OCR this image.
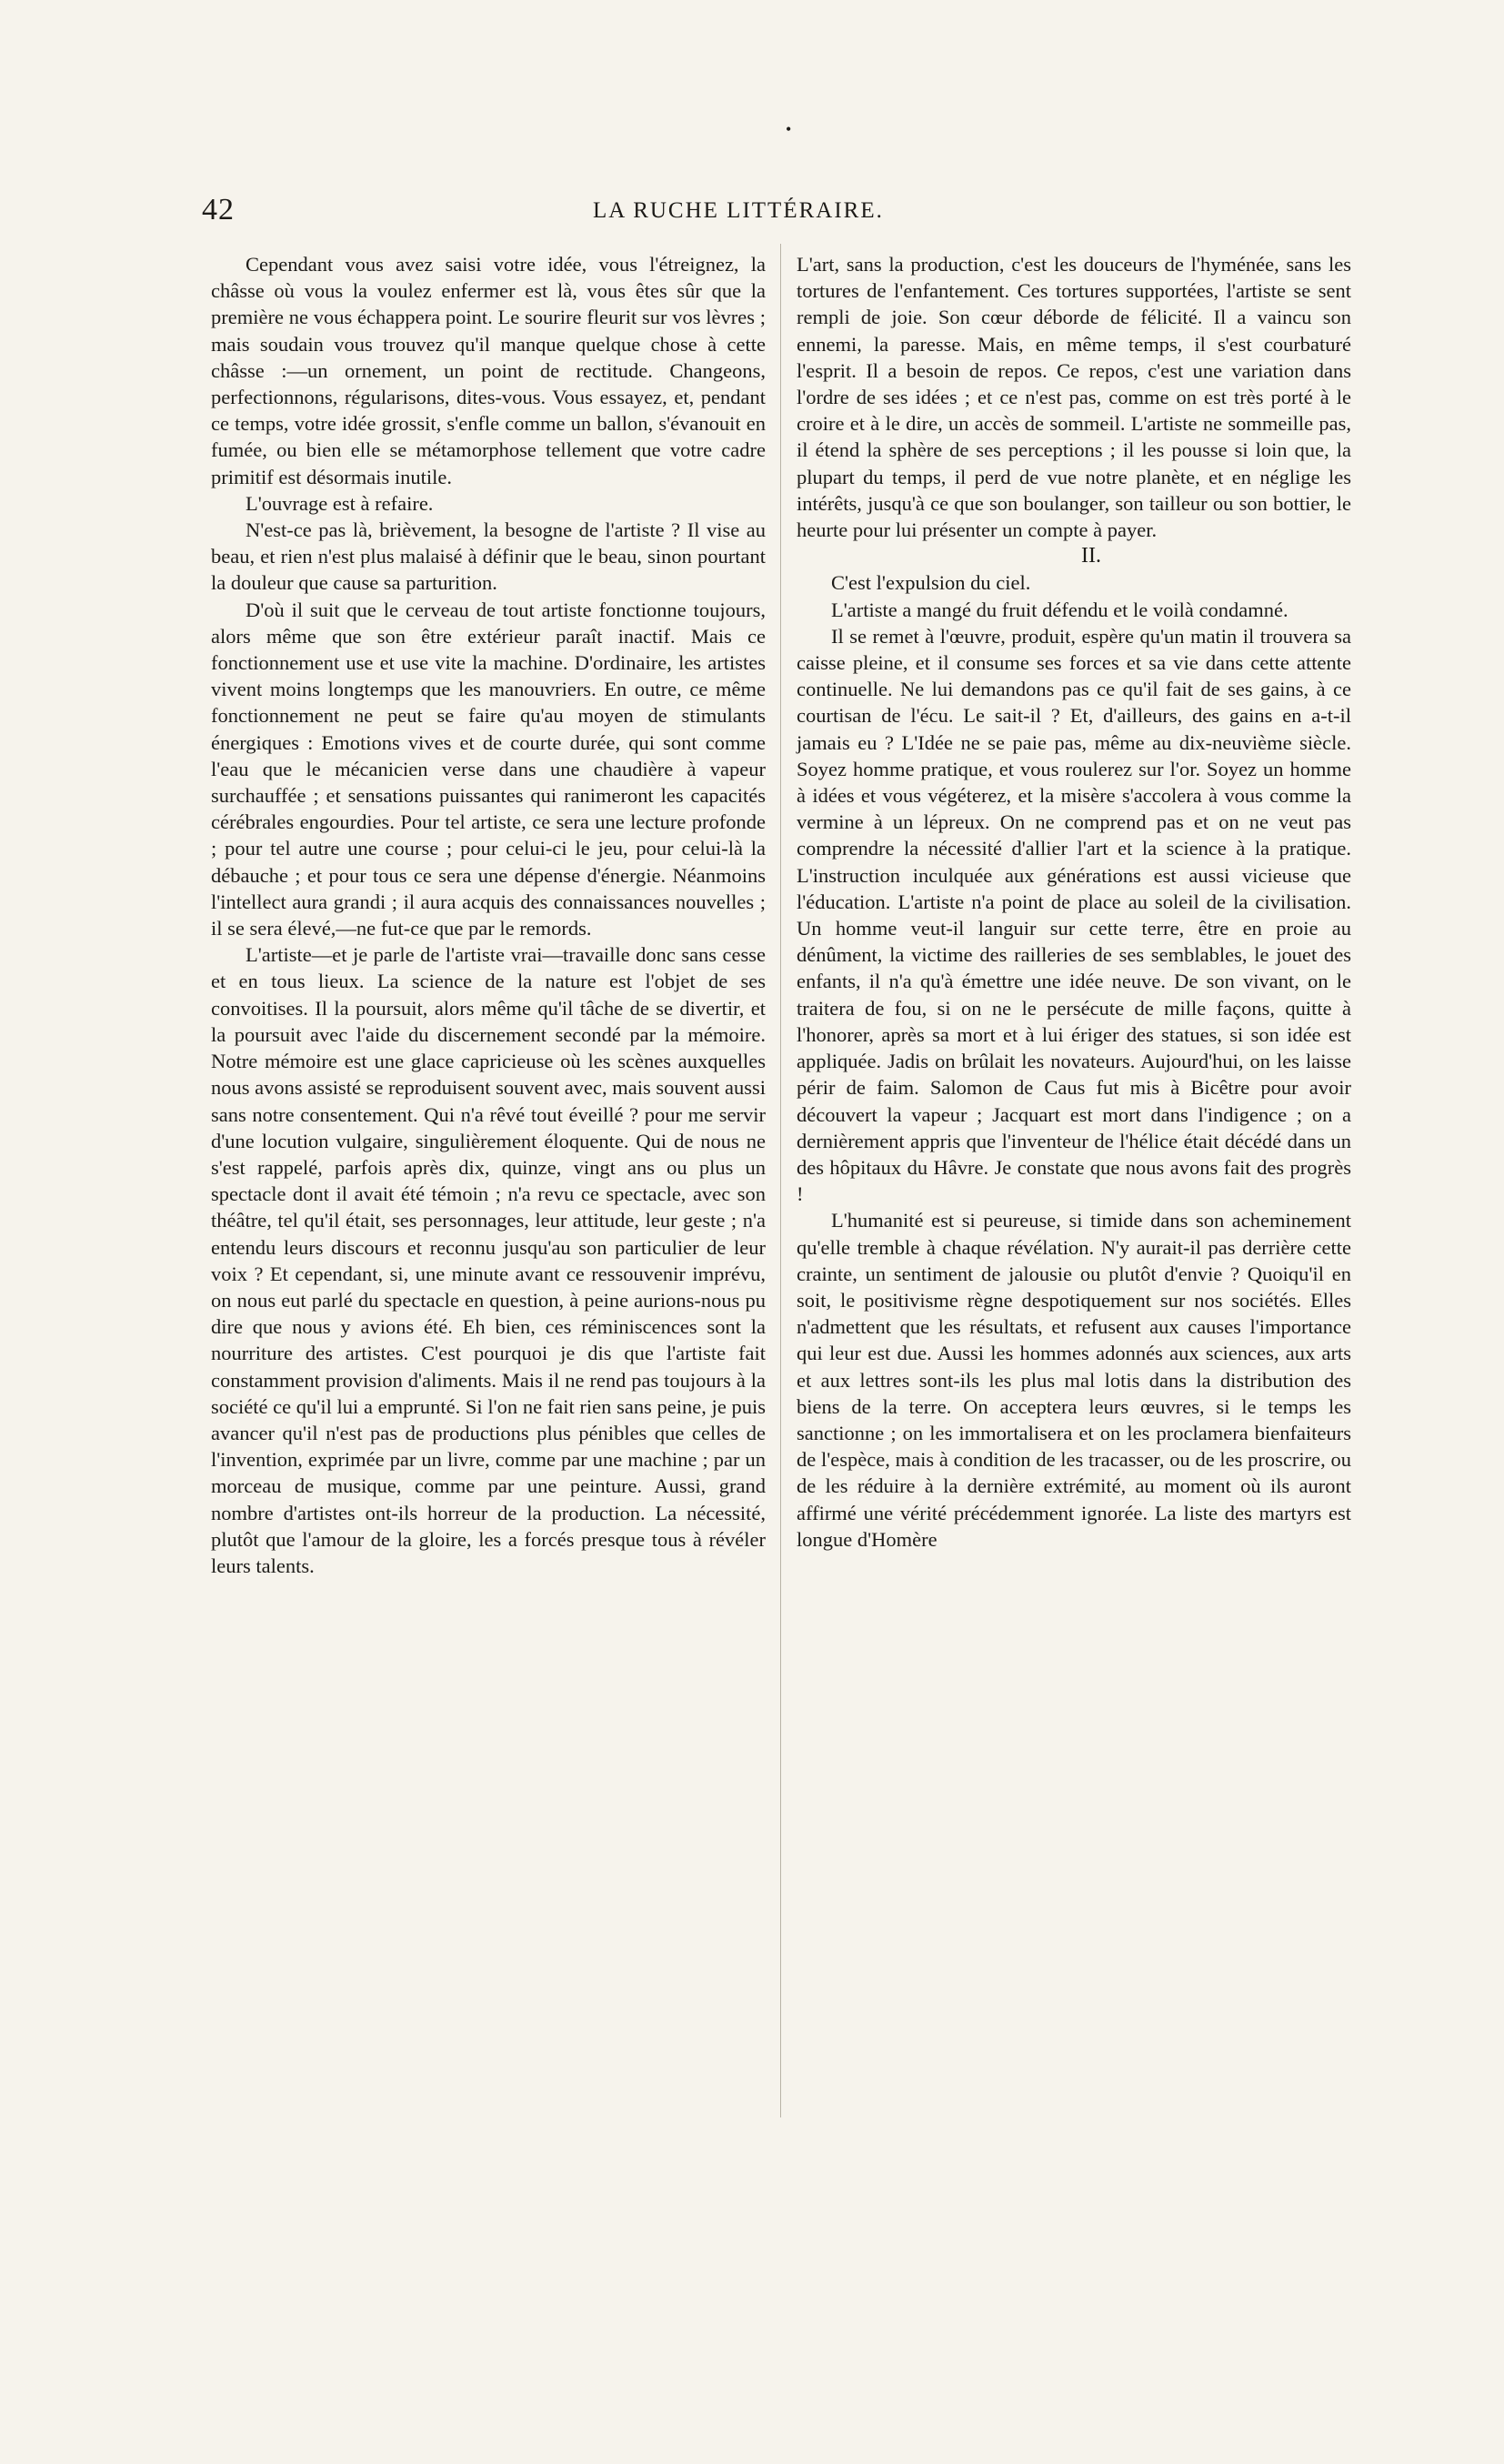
•
42	LA RUCHE LITTÉRAIRE.

Cependant vous avez saisi votre idée, vous l'étreignez, la châsse où vous la voulez enfermer est là, vous êtes sûr que la première ne vous échappera point. Le sourire fleurit sur vos lèvres ; mais soudain vous trouvez qu'il manque quelque chose à cette châsse :—un ornement, un point de rectitude. Changeons, perfectionnons, régularisons, dites-vous. Vous essayez, et, pendant ce temps, votre idée grossit, s'enfle comme un ballon, s'évanouit en fumée, ou bien elle se métamorphose tellement que votre cadre primitif est désormais inutile.

L'ouvrage est à refaire.

N'est-ce pas là, brièvement, la besogne de l'artiste ? Il vise au beau, et rien n'est plus malaisé à définir que le beau, sinon pourtant la douleur que cause sa parturition.

D'où il suit que le cerveau de tout artiste fonctionne toujours, alors même que son être extérieur paraît inactif. Mais ce fonctionnement use et use vite la machine. D'ordinaire, les artistes vivent moins longtemps que les manouvriers. En outre, ce même fonctionnement ne peut se faire qu'au moyen de stimulants énergiques : Emotions vives et de courte durée, qui sont comme l'eau que le mécanicien verse dans une chaudière à vapeur surchauffée ; et sensations puissantes qui ranimeront les capacités cérébrales engourdies. Pour tel artiste, ce sera une lecture profonde ; pour tel autre une course ; pour celui-ci le jeu, pour celui-là la débauche ; et pour tous ce sera une dépense d'énergie. Néanmoins l'intellect aura grandi ; il aura acquis des connaissances nouvelles ; il se sera élevé,—ne fut-ce que par le remords.

L'artiste—et je parle de l'artiste vrai—travaille donc sans cesse et en tous lieux. La science de la nature est l'objet de ses convoitises. Il la poursuit, alors même qu'il tâche de se divertir, et la poursuit avec l'aide du discernement secondé par la mémoire. Notre mémoire est une glace capricieuse où les scènes auxquelles nous avons assisté se reproduisent souvent avec, mais souvent aussi sans notre consentement. Qui n'a rêvé tout éveillé ? pour me servir d'une locution vulgaire, singulièrement éloquente. Qui de nous ne s'est rappelé, parfois après dix, quinze, vingt ans ou plus un spectacle dont il avait été témoin ; n'a revu ce spectacle, avec son théâtre, tel qu'il était, ses personnages, leur attitude, leur geste ; n'a entendu leurs discours et reconnu jusqu'au son particulier de leur voix ? Et cependant, si, une minute avant ce ressouvenir imprévu, on nous eut parlé du spectacle en question, à peine aurions-nous pu dire que nous y avions été. Eh bien, ces réminiscences sont la nourriture des artistes. C'est pourquoi je dis que l'artiste fait constamment provision d'aliments. Mais il ne rend pas toujours à la société ce qu'il lui a emprunté. Si l'on ne fait rien sans peine, je puis avancer qu'il n'est pas de productions plus pénibles que celles de l'invention, exprimée par un livre, comme par une machine ; par un morceau de musique, comme par une peinture. Aussi, grand nombre d'artistes ont-ils horreur de la production. La nécessité, plutôt que l'amour de la gloire, les a forcés presque tous à révéler leurs talents.

L'art, sans la production, c'est les douceurs de l'hyménée, sans les tortures de l'enfantement. Ces tortures supportées, l'artiste se sent rempli de joie. Son cœur déborde de félicité. Il a vaincu son ennemi, la paresse. Mais, en même temps, il s'est courbaturé l'esprit. Il a besoin de repos. Ce repos, c'est une variation dans l'ordre de ses idées ; et ce n'est pas, comme on est très porté à le croire et à le dire, un accès de sommeil. L'artiste ne sommeille pas, il étend la sphère de ses perceptions ; il les pousse si loin que, la plupart du temps, il perd de vue notre planète, et en néglige les intérêts, jusqu'à ce que son boulanger, son tailleur ou son bottier, le heurte pour lui présenter un compte à payer.

II.

C'est l'expulsion du ciel.

L'artiste a mangé du fruit défendu et le voilà condamné.

Il se remet à l'œuvre, produit, espère qu'un matin il trouvera sa caisse pleine, et il consume ses forces et sa vie dans cette attente continuelle. Ne lui demandons pas ce qu'il fait de ses gains, à ce courtisan de l'écu. Le sait-il ? Et, d'ailleurs, des gains en a-t-il jamais eu ? L'Idée ne se paie pas, même au dix-neuvième siècle. Soyez homme pratique, et vous roulerez sur l'or. Soyez un homme à idées et vous végéterez, et la misère s'accolera à vous comme la vermine à un lépreux. On ne comprend pas et on ne veut pas comprendre la nécessité d'allier l'art et la science à la pratique. L'instruction inculquée aux générations est aussi vicieuse que l'éducation. L'artiste n'a point de place au soleil de la civilisation. Un homme veut-il languir sur cette terre, être en proie au dénûment, la victime des railleries de ses semblables, le jouet des enfants, il n'a qu'à émettre une idée neuve. De son vivant, on le traitera de fou, si on ne le persécute de mille façons, quitte à l'honorer, après sa mort et à lui ériger des statues, si son idée est appliquée. Jadis on brûlait les novateurs. Aujourd'hui, on les laisse périr de faim. Salomon de Caus fut mis à Bicêtre pour avoir découvert la vapeur ; Jacquart est mort dans l'indigence ; on a dernièrement appris que l'inventeur de l'hélice était décédé dans un des hôpitaux du Hâvre. Je constate que nous avons fait des progrès !

L'humanité est si peureuse, si timide dans son acheminement qu'elle tremble à chaque révélation. N'y aurait-il pas derrière cette crainte, un sentiment de jalousie ou plutôt d'envie ? Quoiqu'il en soit, le positivisme règne despotiquement sur nos sociétés. Elles n'admettent que les résultats, et refusent aux causes l'importance qui leur est due. Aussi les hommes adonnés aux sciences, aux arts et aux lettres sont-ils les plus mal lotis dans la distribution des biens de la terre. On acceptera leurs œuvres, si le temps les sanctionne ; on les immortalisera et on les proclamera bienfaiteurs de l'espèce, mais à condition de les tracasser, ou de les proscrire, ou de les réduire à la dernière extrémité, au moment où ils auront affirmé une vérité précédemment ignorée. La liste des martyrs est longue d'Homère
